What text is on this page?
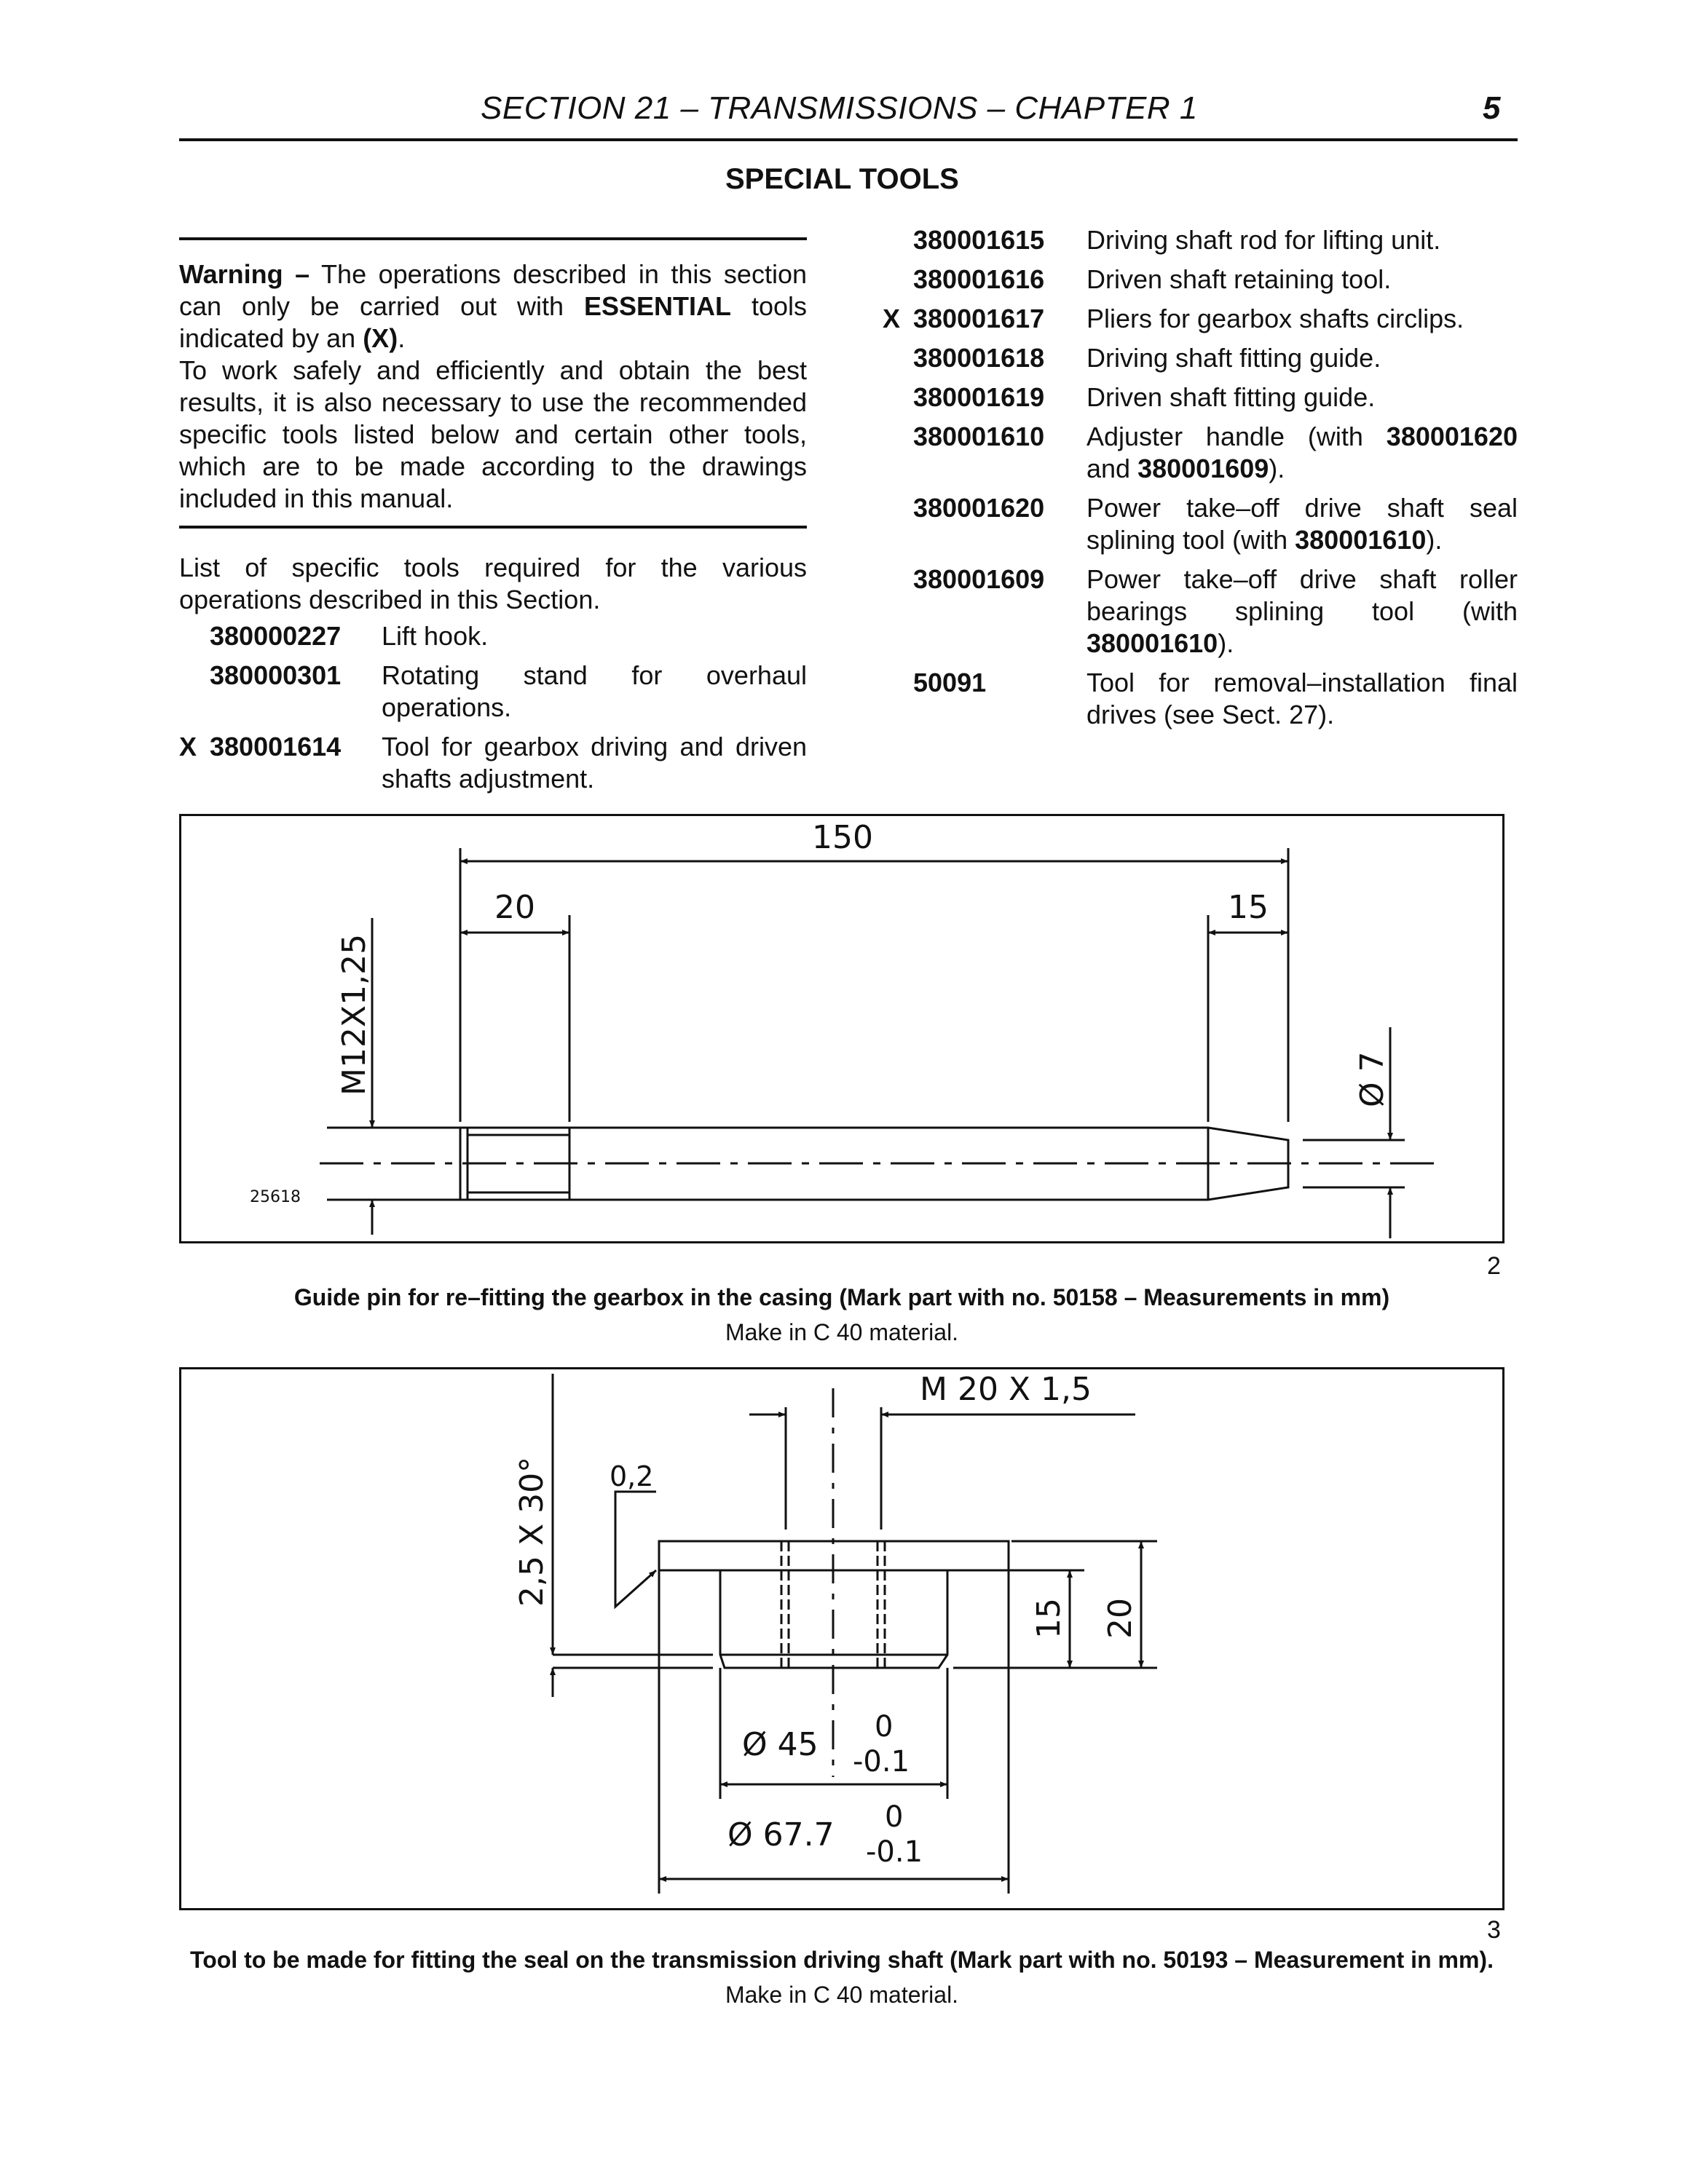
SECTION 21 – TRANSMISSIONS – CHAPTER 1	5
SPECIAL TOOLS
Warning – The operations described in this section can only be carried out with ESSENTIAL tools indicated by an (X).
To work safely and efficiently and obtain the best results, it is also necessary to use the recommended specific tools listed below and certain other tools, which are to be made according to the drawings included in this manual.
List of specific tools required for the various operations described in this Section.
380000227 Lift hook.
380000301 Rotating stand for overhaul operations.
X 380001614 Tool for gearbox driving and driven shafts adjustment.
380001615 Driving shaft rod for lifting unit.
380001616 Driven shaft retaining tool.
X 380001617 Pliers for gearbox shafts circlips.
380001618 Driving shaft fitting guide.
380001619 Driven shaft fitting guide.
380001610 Adjuster handle (with 380001620 and 380001609).
380001620 Power take–off drive shaft seal splining tool (with 380001610).
380001609 Power take–off drive shaft roller bearings splining tool (with 380001610).
50091	Tool for removal–installation final drives (see Sect. 27).
150
20	15
M12X1,25	Ø 7
25618
2
Guide pin for re–fitting the gearbox in the casing (Mark part with no. 50158 – Measurements in mm)
Make in C 40 material.
M 20 X 1,5
2,5 X 30° 0,2
15 20
Ø 45 0
-0.1
Ø 67.7 0
-0.1
3
Tool to be made for fitting the seal on the transmission driving shaft (Mark part with no. 50193 – Measurement in mm).
Make in C 40 material.
